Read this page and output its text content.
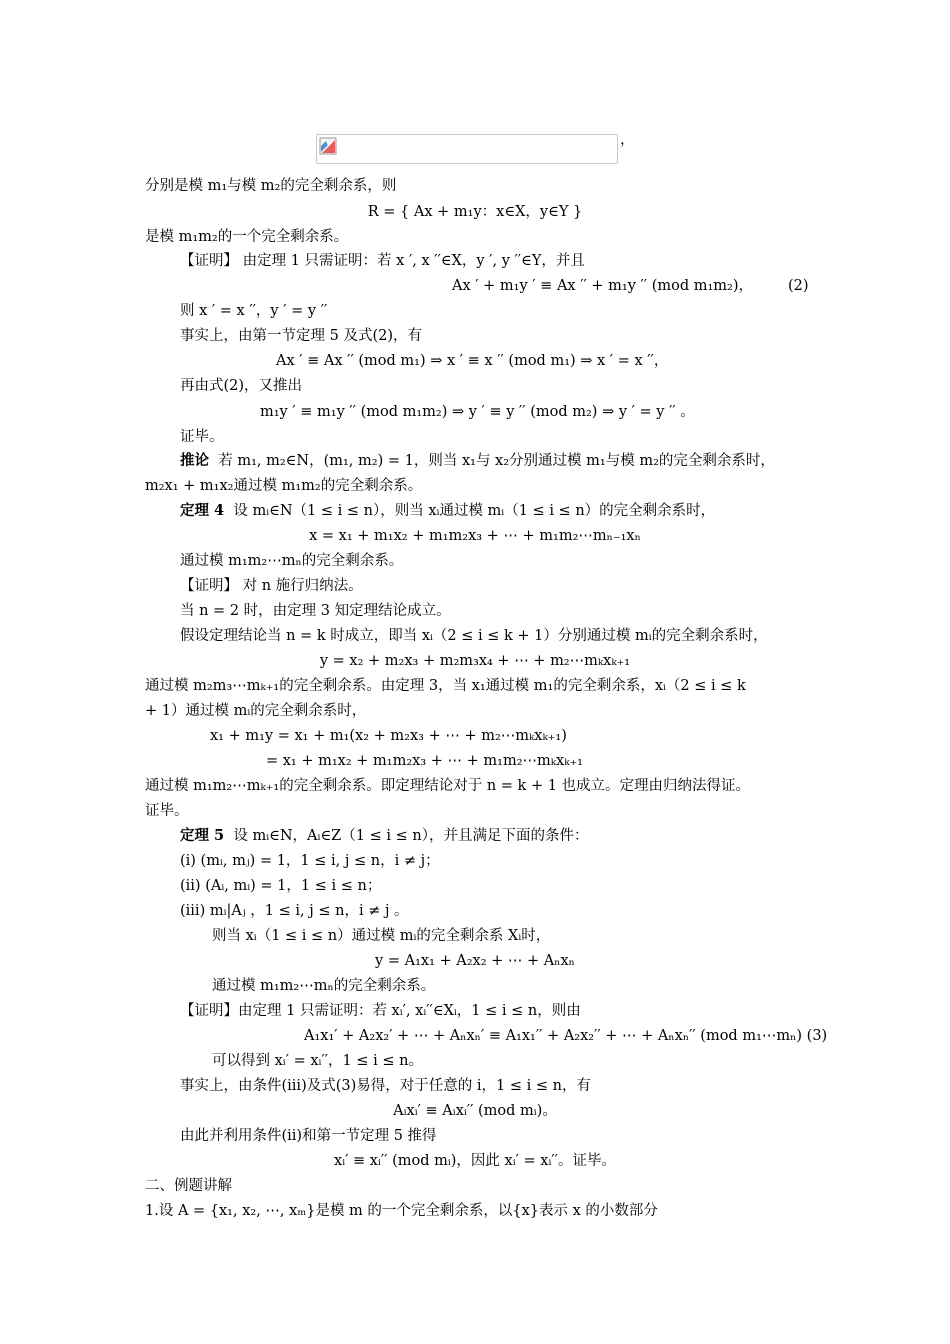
，
分别是模 m₁与模 m₂的完全剩余系，则
R = { Ax + m₁y：x∈X，y∈Y }
是模 m₁m₂的一个完全剩余系。
【证明】 由定理 1 只需证明：若 x ′, x ′′∈X，y ′, y ′′∈Y，并且
Ax ′ + m₁y ′ ≡ Ax ′′ + m₁y ′′ (mod m₁m₂)， (2)
则 x ′ = x ′′，y ′ = y ′′
事实上，由第一节定理 5 及式(2)，有
Ax ′ ≡ Ax ′′ (mod m₁) ⇒ x ′ ≡ x ′′ (mod m₁) ⇒ x ′ = x ′′，
再由式(2)，又推出
m₁y ′ ≡ m₁y ′′ (mod m₁m₂) ⇒ y ′ ≡ y ′′ (mod m₂) ⇒ y ′ = y ′′ 。
证毕。
推论 若 m₁, m₂∈N，(m₁, m₂) = 1，则当 x₁与 x₂分别通过模 m₁与模 m₂的完全剩余系时，
m₂x₁ + m₁x₂通过模 m₁m₂的完全剩余系。
定理 4 设 mᵢ∈N（1 ≤ i ≤ n），则当 xᵢ通过模 mᵢ（1 ≤ i ≤ n）的完全剩余系时，
x = x₁ + m₁x₂ + m₁m₂x₃ + ⋯ + m₁m₂⋯mₙ₋₁xₙ
通过模 m₁m₂⋯mₙ的完全剩余系。
【证明】 对 n 施行归纳法。
当 n = 2 时，由定理 3 知定理结论成立。
假设定理结论当 n = k 时成立，即当 xᵢ（2 ≤ i ≤ k + 1）分别通过模 mᵢ的完全剩余系时，
y = x₂ + m₂x₃ + m₂m₃x₄ + ⋯ + m₂⋯mₖxₖ₊₁
通过模 m₂m₃⋯mₖ₊₁的完全剩余系。由定理 3，当 x₁通过模 m₁的完全剩余系，xᵢ（2 ≤ i ≤ k
+ 1）通过模 mᵢ的完全剩余系时，
x₁ + m₁y = x₁ + m₁(x₂ + m₂x₃ + ⋯ + m₂⋯mₖxₖ₊₁)
= x₁ + m₁x₂ + m₁m₂x₃ + ⋯ + m₁m₂⋯mₖxₖ₊₁
通过模 m₁m₂⋯mₖ₊₁的完全剩余系。即定理结论对于 n = k + 1 也成立。定理由归纳法得证。
证毕。
定理 5 设 mᵢ∈N，Aᵢ∈Z（1 ≤ i ≤ n），并且满足下面的条件：
(ⅰ) (mᵢ, mⱼ) = 1，1 ≤ i, j ≤ n，i ≠ j；
(ⅱ) (Aᵢ, mᵢ) = 1，1 ≤ i ≤ n；
(iii) mᵢ|Aⱼ ，1 ≤ i, j ≤ n，i ≠ j 。
则当 xᵢ（1 ≤ i ≤ n）通过模 mᵢ的完全剩余系 Xᵢ时，
y = A₁x₁ + A₂x₂ + ⋯ + Aₙxₙ
通过模 m₁m₂⋯mₙ的完全剩余系。
【证明】由定理 1 只需证明：若 xᵢ′, xᵢ′′∈Xᵢ，1 ≤ i ≤ n，则由
A₁x₁′ + A₂x₂′ + ⋯ + Aₙxₙ′ ≡ A₁x₁′′ + A₂x₂′′ + ⋯ + Aₙxₙ′′ (mod m₁⋯mₙ) (3)
可以得到 xᵢ′ = xᵢ′′，1 ≤ i ≤ n。
事实上，由条件(iii)及式(3)易得，对于任意的 i，1 ≤ i ≤ n，有
Aᵢxᵢ′ ≡ Aᵢxᵢ′′ (mod mᵢ)。
由此并利用条件(ⅱ)和第一节定理 5 推得
xᵢ′ ≡ xᵢ′′ (mod mᵢ)，因此 xᵢ′ = xᵢ′′。证毕。
二、例题讲解
1.设 A = {x₁, x₂, ⋯, xₘ}是模 m 的一个完全剩余系，以{x}表示 x 的小数部分
